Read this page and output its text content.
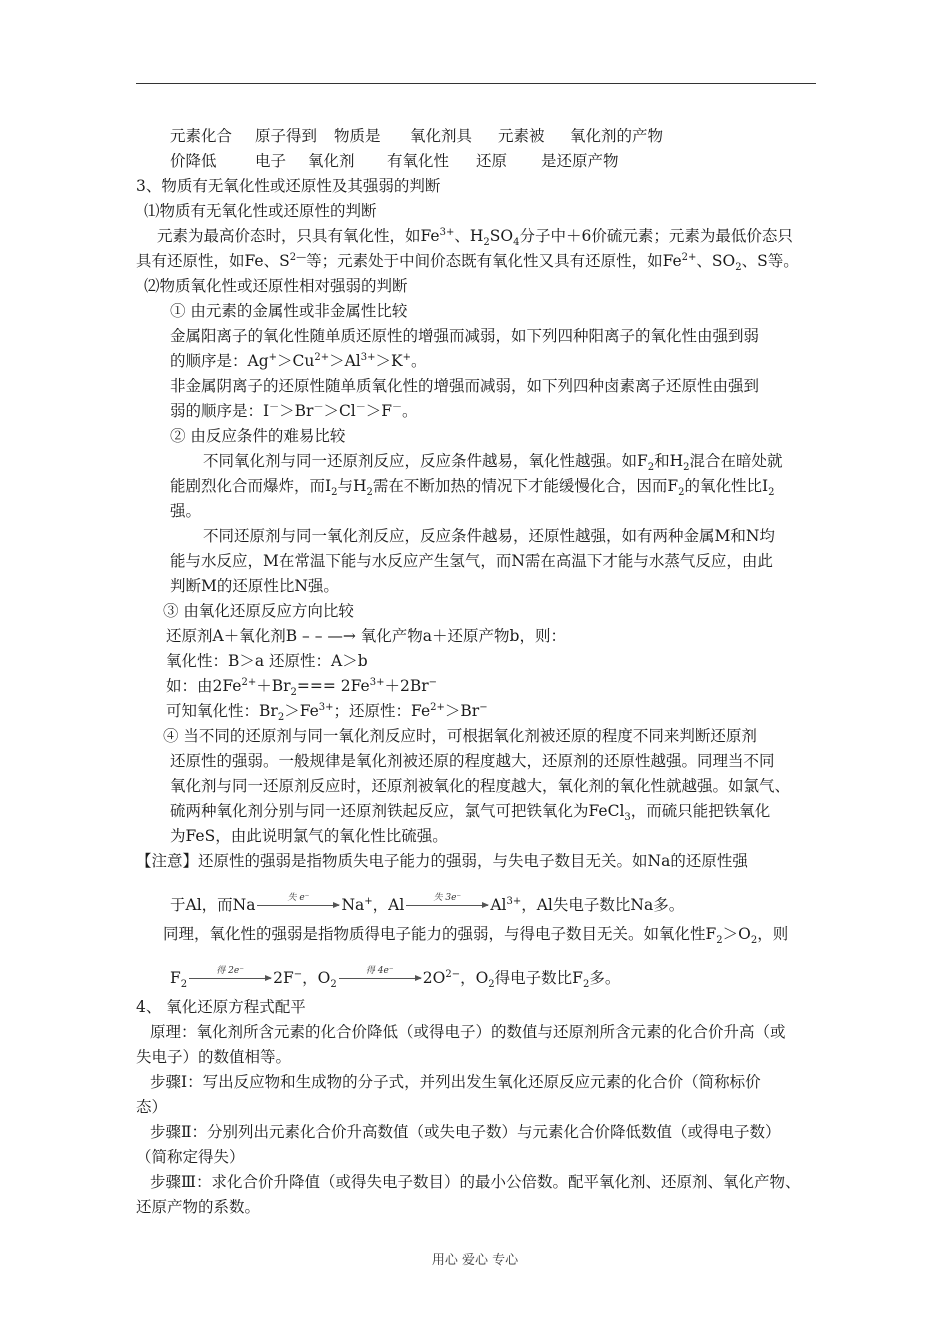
元素化合 原子得到 物质是 氧化剂具 元素被 氧化剂的产物
价降低 电子 氧化剂 有氧化性 还原 是还原产物
3、物质有无氧化性或还原性及其强弱的判断
⑴物质有无氧化性或还原性的判断
元素为最高价态时，只具有氧化性，如$Fe^{3+}$、$H_2SO_4$分子中＋6价硫元素；元素为最低价态只
具有还原性，如Fe、$S^{2—}$等；元素处于中间价态既有氧化性又具有还原性，如$Fe^{2+}$、$SO_2$、S等。
⑵物质氧化性或还原性相对强弱的判断
① 由元素的金属性或非金属性比较
金属阳离子的氧化性随单质还原性的增强而减弱，如下列四种阳离子的氧化性由强到弱
的顺序是：$Ag^+>Cu^{2+}>Al^{3+}>K^+$。
非金属阴离子的还原性随单质氧化性的增强而减弱，如下列四种卤素离子还原性由强到
弱的顺序是：I－＞Br－＞Cl－＞F－。
② 由反应条件的难易比较
不同氧化剂与同一还原剂反应，反应条件越易，氧化性越强。如$F_2$和$H_2$混合在暗处就
能剧烈化合而爆炸，而$I_2$与$H_2$需在不断加热的情况下才能缓慢化合，因而$F_2$的氧化性比$I_2$
强。
不同还原剂与同一氧化剂反应，反应条件越易，还原性越强，如有两种金属M和N均
能与水反应，M在常温下能与水反应产生氢气，而N需在高温下才能与水蒸气反应，由此
判断M的还原性比N强。
③ 由氧化还原反应方向比较
还原剂A＋氧化剂B – – —→ 氧化产物a＋还原产物b，则：
氧化性：B＞a 还原性：A＞b
如：由$2Fe^{2+}+Br_2=== 2Fe^{3+}+2Br^-$
可知氧化性：$Br_2>Fe^{3+}$；还原性：$Fe^{2+}>Br^-$
④ 当不同的还原剂与同一氧化剂反应时，可根据氧化剂被还原的程度不同来判断还原剂
还原性的强弱。一般规律是氧化剂被还原的程度越大，还原剂的还原性越强。同理当不同
氧化剂与同一还原剂反应时，还原剂被氧化的程度越大，氧化剂的氧化性就越强。如氯气、
硫两种氧化剂分别与同一还原剂铁起反应，氯气可把铁氧化为FeCl$_3$，而硫只能把铁氧化
为FeS，由此说明氯气的氧化性比硫强。
【注意】还原性的强弱是指物质失电子能力的强弱，与失电子数目无关。如Na的还原性强
于Al，而Na	失 e⁻	Na+，Al	失 3e⁻	$Al^{3+}$，Al失电子数比Na多。
同理，氧化性的强弱是指物质得电子能力的强弱，与得电子数目无关。如氧化性$F_2>O_2$，则
$F_2$
得 2e⁻	2F−，$O_2$
得 4e⁻	$2O^{2-}$，$O_2$得电子数比$F_2$多。
4、 氧化还原方程式配平
原理：氧化剂所含元素的化合价降低（或得电子）的数值与还原剂所含元素的化合价升高（或
失电子）的数值相等。
步骤Ⅰ：写出反应物和生成物的分子式，并列出发生氧化还原反应元素的化合价（简称标价
态）
步骤Ⅱ：分别列出元素化合价升高数值（或失电子数）与元素化合价降低数值（或得电子数）
（简称定得失）
步骤Ⅲ：求化合价升降值（或得失电子数目）的最小公倍数。配平氧化剂、还原剂、氧化产物、
还原产物的系数。
用心 爱心 专心
